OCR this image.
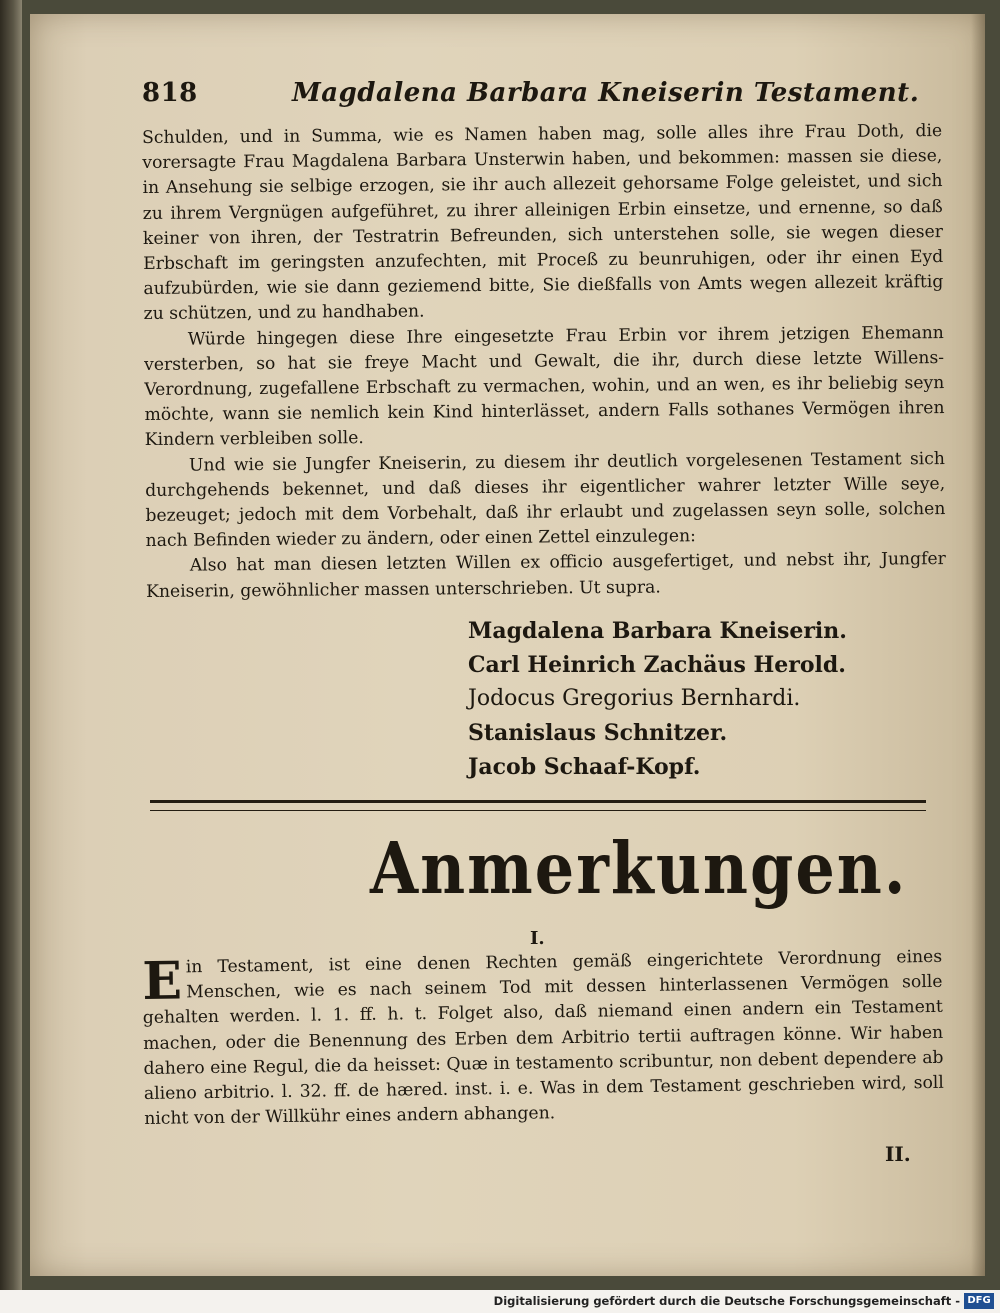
818	Magdalena Barbara Kneiserin Testament.

Schulden, und in Summa, wie es Namen haben mag, solle alles ihre Frau Doth, die vorersagte Frau Magdalena Barbara Unsterwin haben, und bekommen: massen sie diese, in Ansehung sie selbige erzogen, sie ihr auch allezeit gehorsame Folge geleistet, und sich zu ihrem Vergnügen aufgeführet, zu ihrer alleinigen Erbin einsetze, und ernenne, so daß keiner von ihren, der Testratrin Befreunden, sich unterstehen solle, sie wegen dieser Erbschaft im geringsten anzufechten, mit Proceß zu beunruhigen, oder ihr einen Eyd aufzubürden, wie sie dann geziemend bitte, Sie dießfalls von Amts wegen allezeit kräftig zu schützen, und zu handhaben.

Würde hingegen diese Ihre eingesetzte Frau Erbin vor ihrem jetzigen Ehemann versterben, so hat sie freye Macht und Gewalt, die ihr, durch diese letzte Willens-Verordnung, zugefallene Erbschaft zu vermachen, wohin, und an wen, es ihr beliebig seyn möchte, wann sie nemlich kein Kind hinterlässet, andern Falls sothanes Vermögen ihren Kindern verbleiben solle.

Und wie sie Jungfer Kneiserin, zu diesem ihr deutlich vorgelesenen Testament sich durchgehends bekennet, und daß dieses ihr eigentlicher wahrer letzter Wille seye, bezeuget; jedoch mit dem Vorbehalt, daß ihr erlaubt und zugelassen seyn solle, solchen nach Befinden wieder zu ändern, oder einen Zettel einzulegen:

Also hat man diesen letzten Willen ex officio ausgefertiget, und nebst ihr, Jungfer Kneiserin, gewöhnlicher massen unterschrieben. Ut supra.

Magdalena Barbara Kneiserin.
Carl Heinrich Zachäus Herold.
Jodocus Gregorius Bernhardi.
Stanislaus Schnitzer.
Jacob Schaaf-Kopf.
Anmerkungen.
I.

Ein Testament, ist eine denen Rechten gemäß eingerichtete Verordnung eines Menschen, wie es nach seinem Tod mit dessen hinterlassenen Vermögen solle gehalten werden. l. 1. ff. h. t. Folget also, daß niemand einen andern ein Testament machen, oder die Benennung des Erben dem Arbitrio tertii auftragen könne. Wir haben dahero eine Regul, die da heisset: Quæ in testamento scribuntur, non debent dependere ab alieno arbitrio. l. 32. ff. de hæred. inst. i. e. Was in dem Testament geschrieben wird, soll nicht von der Willkühr eines andern abhangen.

II.
Digitalisierung gefördert durch die Deutsche Forschungsgemeinschaft - DFG
